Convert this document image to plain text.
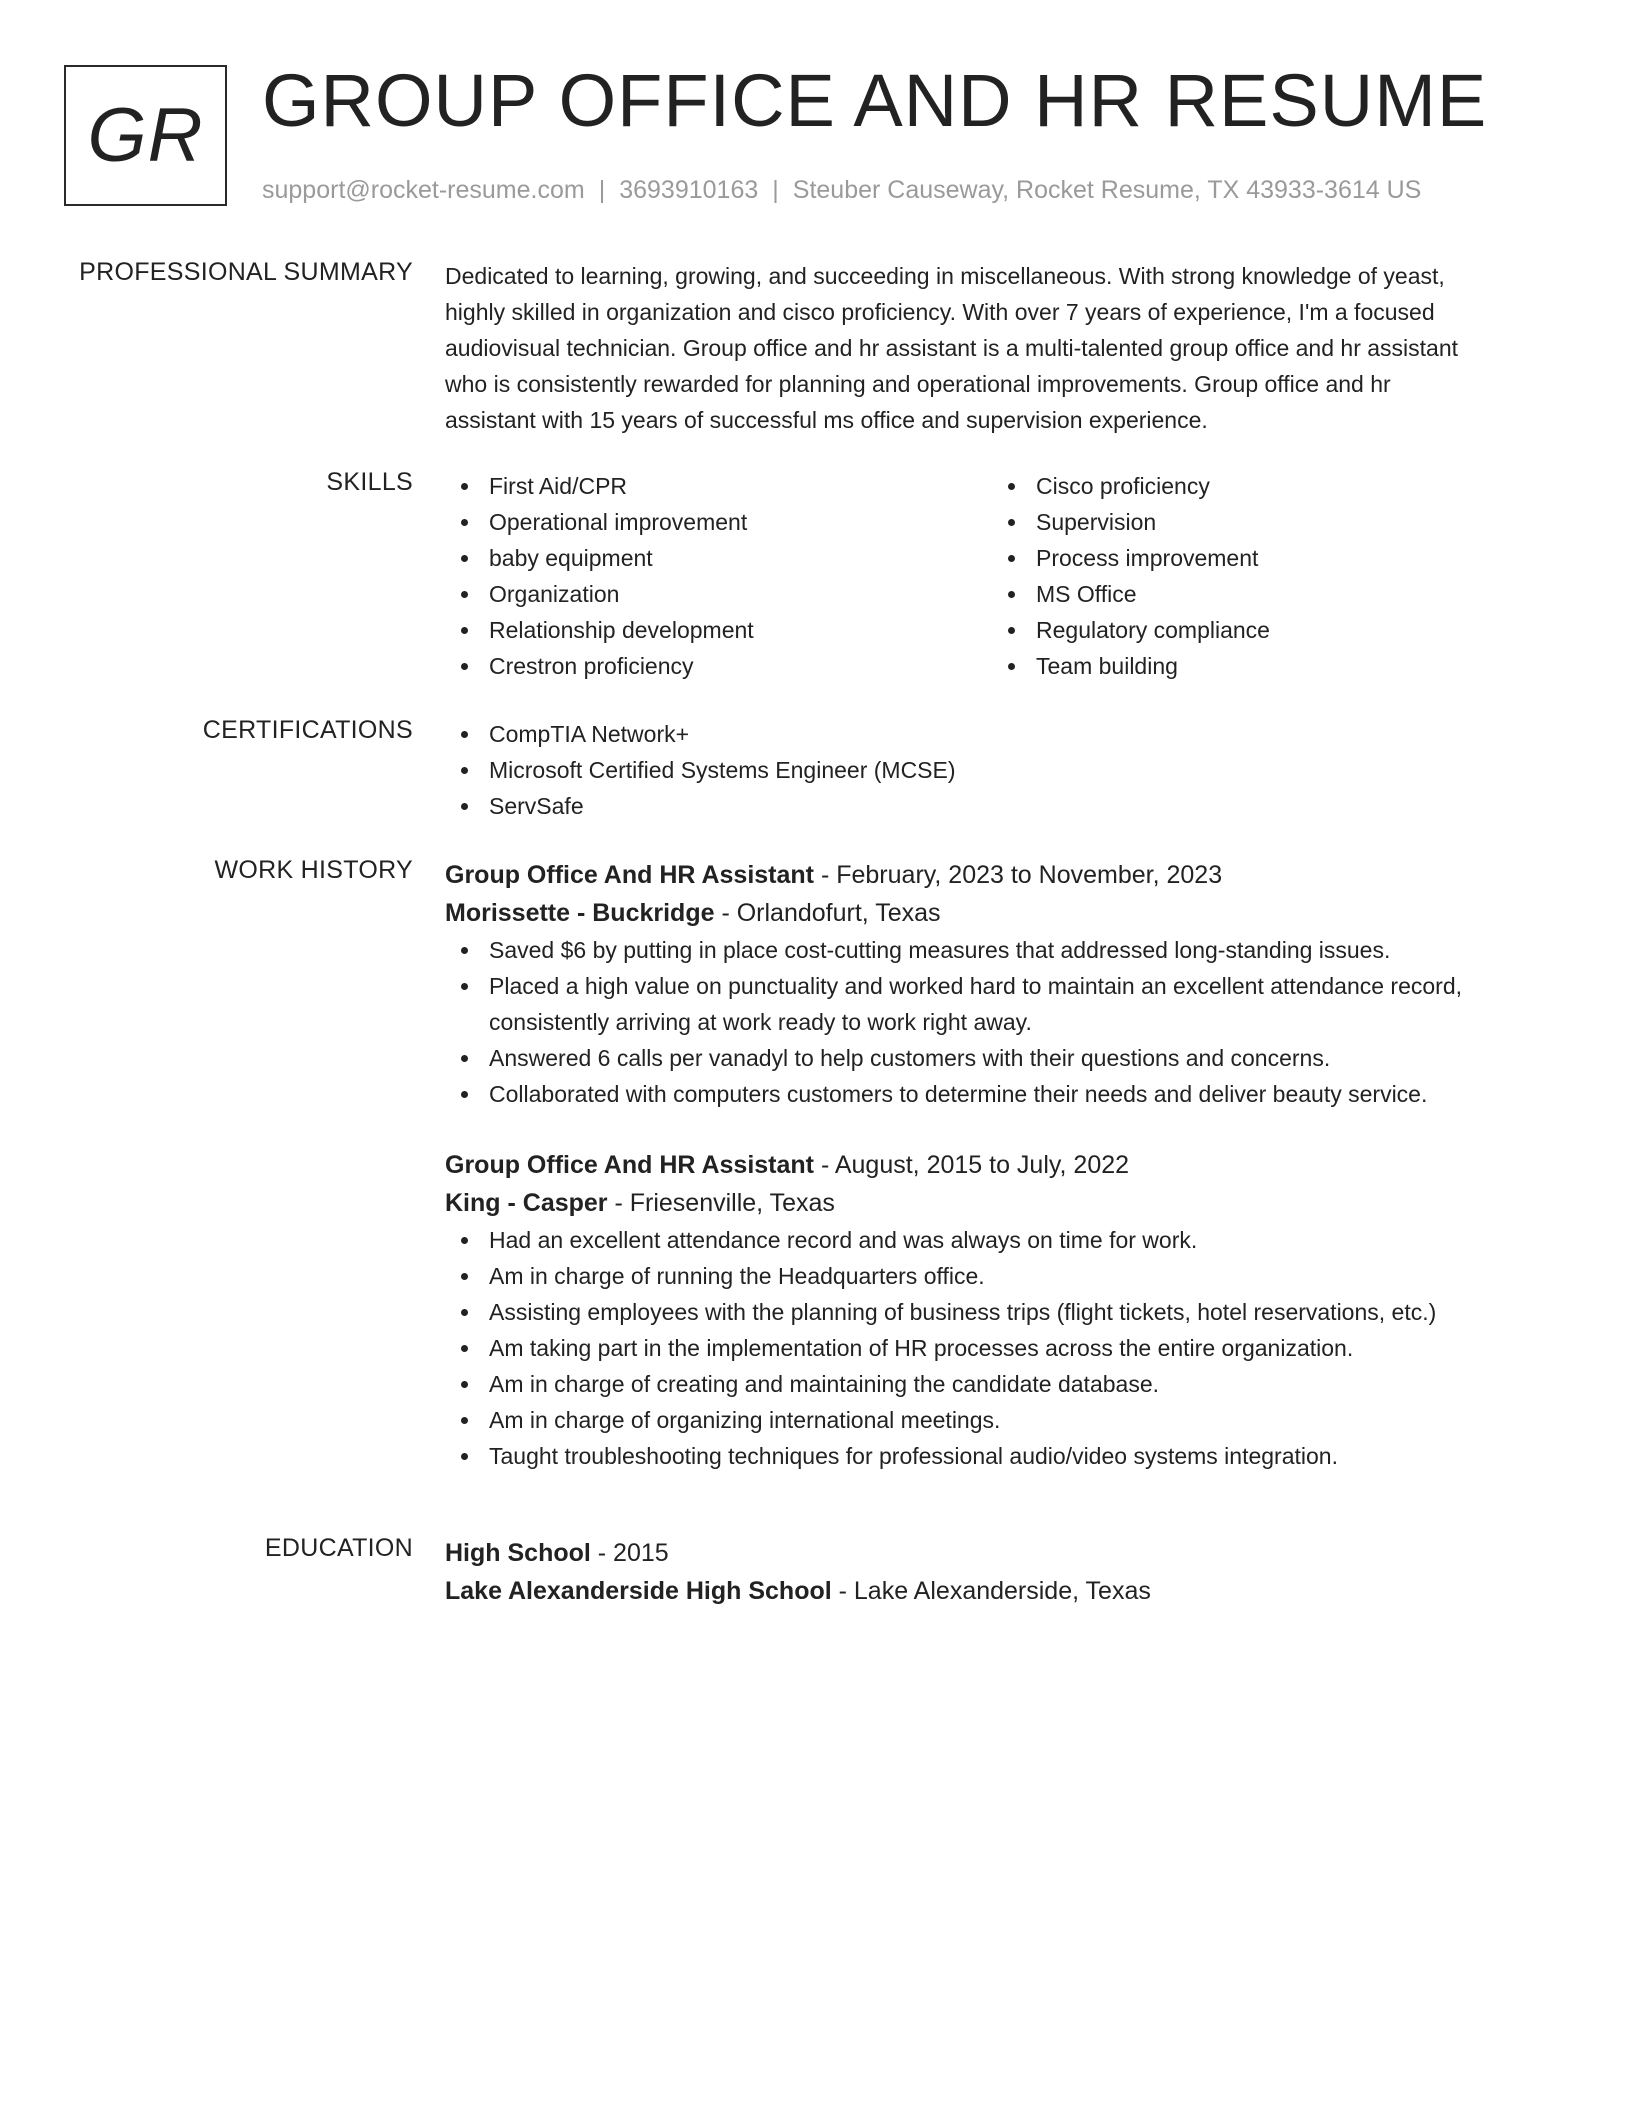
GR GROUP OFFICE AND HR RESUME
support@rocket-resume.com | 3693910163 | Steuber Causeway, Rocket Resume, TX 43933-3614 US
PROFESSIONAL SUMMARY Dedicated to learning, growing, and succeeding in miscellaneous. With strong knowledge of yeast,
highly skilled in organization and cisco proficiency. With over 7 years of experience, I'm a focused
audiovisual technician. Group office and hr assistant is a multi-talented group office and hr assistant
who is consistently rewarded for planning and operational improvements. Group office and hr
assistant with 15 years of successful ms office and supervision experience.
SKILLS	First Aid/CPR
Operational improvement
baby equipment
Organization
Relationship development
Crestron proficiency
Cisco proficiency
Supervision
Process improvement
MS Office
Regulatory compliance
Team building
CERTIFICATIONS	CompTIA Network+
Microsoft Certified Systems Engineer (MCSE)
ServSafe
WORK HISTORY Group Office And HR Assistant - February, 2023 to November, 2023
Morissette - Buckridge - Orlandofurt, Texas
Saved $6 by putting in place cost-cutting measures that addressed long-standing issues.
Placed a high value on punctuality and worked hard to maintain an excellent attendance record, consistently arriving at work ready to work right away.
Answered 6 calls per vanadyl to help customers with their questions and concerns.
Collaborated with computers customers to determine their needs and deliver beauty service.
Group Office And HR Assistant - August, 2015 to July, 2022
King - Casper - Friesenville, Texas
Had an excellent attendance record and was always on time for work.
Am in charge of running the Headquarters office.
Assisting employees with the planning of business trips (flight tickets, hotel reservations, etc.)
Am taking part in the implementation of HR processes across the entire organization.
Am in charge of creating and maintaining the candidate database.
Am in charge of organizing international meetings.
Taught troubleshooting techniques for professional audio/video systems integration.
EDUCATION High School - 2015
Lake Alexanderside High School - Lake Alexanderside, Texas
